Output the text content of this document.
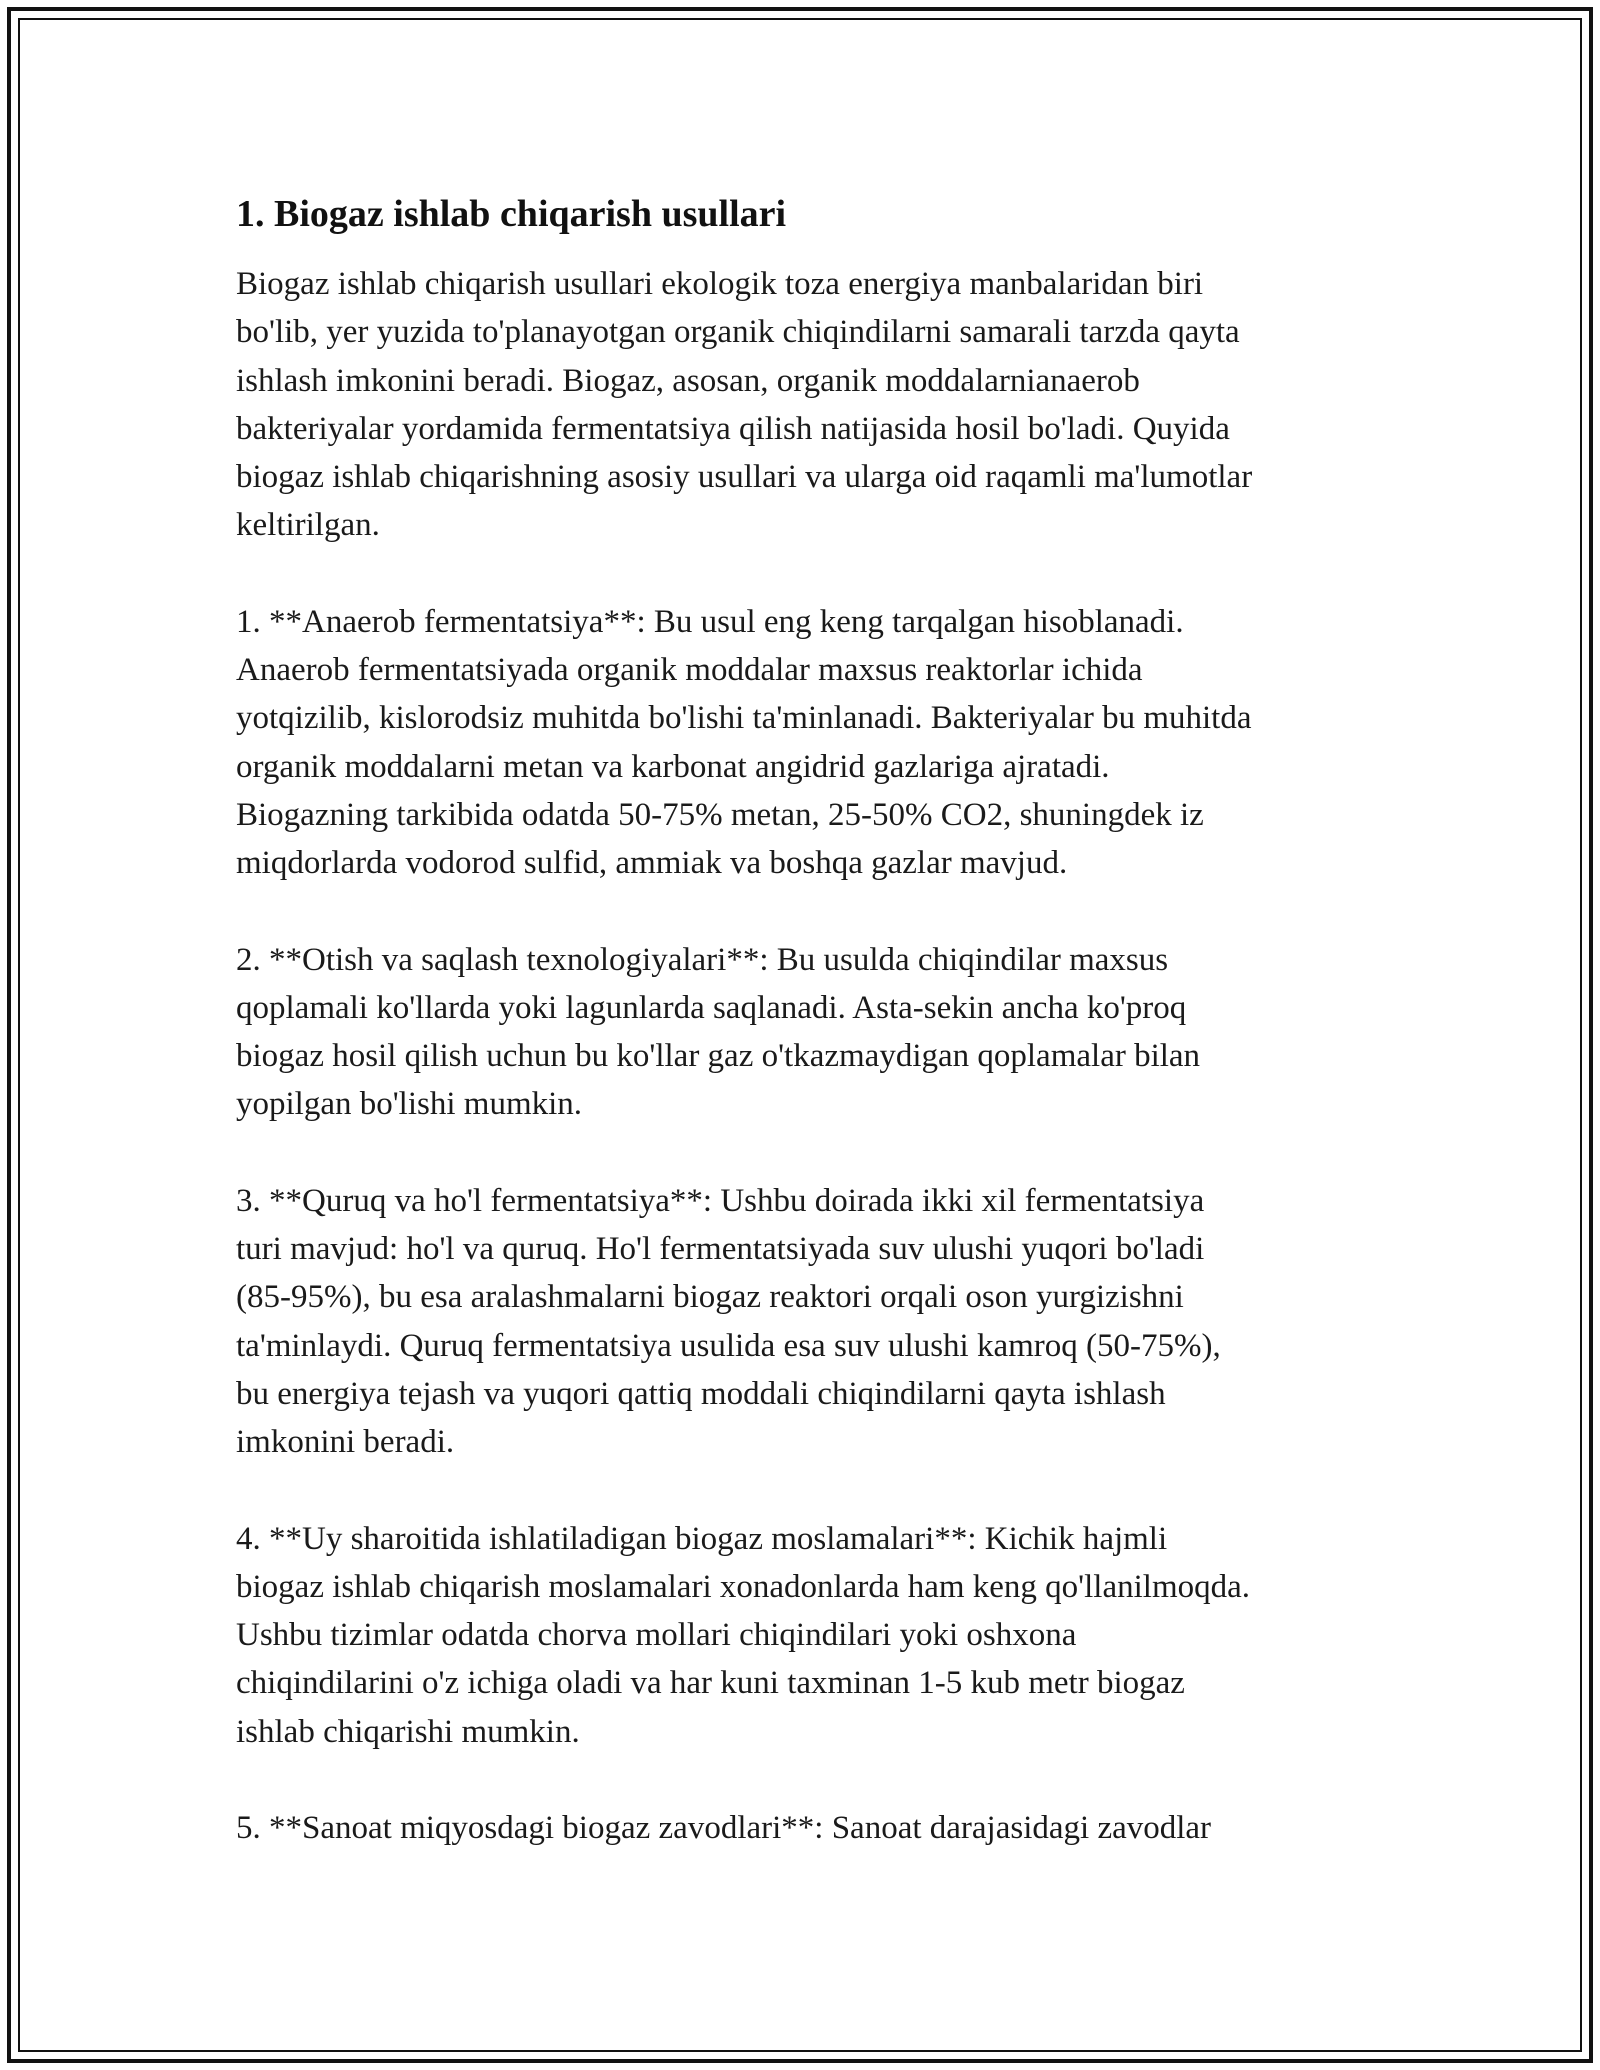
1. Biogaz ishlab chiqarish usullari

Biogaz ishlab chiqarish usullari ekologik toza energiya manbalaridan biri
bo'lib, yer yuzida to'planayotgan organik chiqindilarni samarali tarzda qayta
ishlash imkonini beradi. Biogaz, asosan, organik moddalarnianaerob
bakteriyalar yordamida fermentatsiya qilish natijasida hosil bo'ladi. Quyida
biogaz ishlab chiqarishning asosiy usullari va ularga oid raqamli ma'lumotlar
keltirilgan.

1. **Anaerob fermentatsiya**: Bu usul eng keng tarqalgan hisoblanadi.
Anaerob fermentatsiyada organik moddalar maxsus reaktorlar ichida
yotqizilib, kislorodsiz muhitda bo'lishi ta'minlanadi. Bakteriyalar bu muhitda
organik moddalarni metan va karbonat angidrid gazlariga ajratadi.
Biogazning tarkibida odatda 50-75% metan, 25-50% CO2, shuningdek iz
miqdorlarda vodorod sulfid, ammiak va boshqa gazlar mavjud.

2. **Otish va saqlash texnologiyalari**: Bu usulda chiqindilar maxsus
qoplamali ko'llarda yoki lagunlarda saqlanadi. Asta-sekin ancha ko'proq
biogaz hosil qilish uchun bu ko'llar gaz o'tkazmaydigan qoplamalar bilan
yopilgan bo'lishi mumkin.

3. **Quruq va ho'l fermentatsiya**: Ushbu doirada ikki xil fermentatsiya
turi mavjud: ho'l va quruq. Ho'l fermentatsiyada suv ulushi yuqori bo'ladi
(85-95%), bu esa aralashmalarni biogaz reaktori orqali oson yurgizishni
ta'minlaydi. Quruq fermentatsiya usulida esa suv ulushi kamroq (50-75%),
bu energiya tejash va yuqori qattiq moddali chiqindilarni qayta ishlash
imkonini beradi.

4. **Uy sharoitida ishlatiladigan biogaz moslamalari**: Kichik hajmli
biogaz ishlab chiqarish moslamalari xonadonlarda ham keng qo'llanilmoqda.
Ushbu tizimlar odatda chorva mollari chiqindilari yoki oshxona
chiqindilarini o'z ichiga oladi va har kuni taxminan 1-5 kub metr biogaz
ishlab chiqarishi mumkin.

5. **Sanoat miqyosdagi biogaz zavodlari**: Sanoat darajasidagi zavodlar
